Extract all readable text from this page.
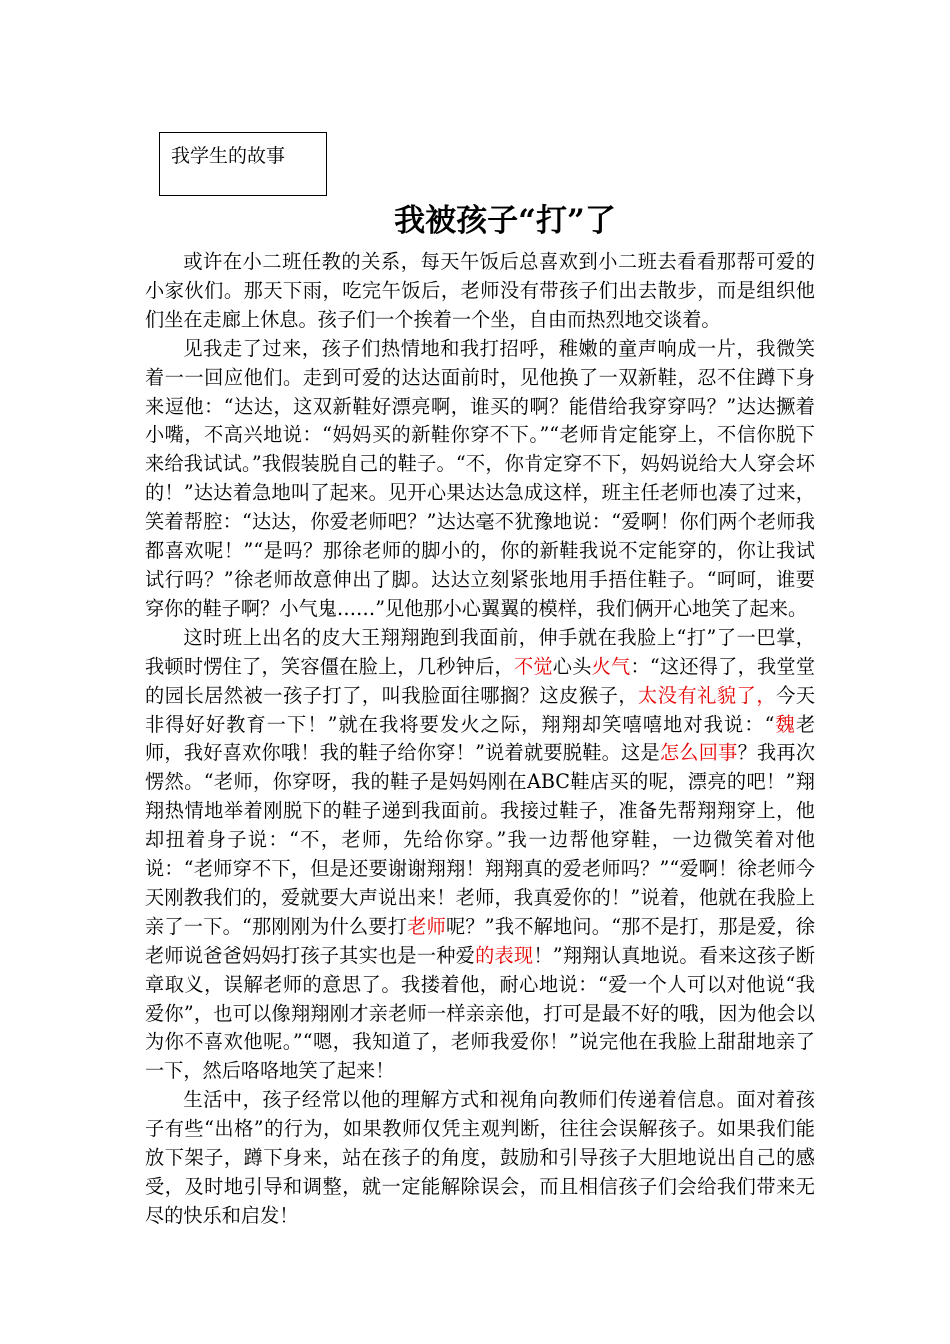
我学生的故事
我被孩子“打”了

或许在小二班任教的关系，每天午饭后总喜欢到小二班去看看那帮可爱的小家伙们。那天下雨，吃完午饭后，老师没有带孩子们出去散步，而是组织他们坐在走廊上休息。孩子们一个挨着一个坐，自由而热烈地交谈着。

见我走了过来，孩子们热情地和我打招呼，稚嫩的童声响成一片，我微笑着一一回应他们。走到可爱的达达面前时，见他换了一双新鞋，忍不住蹲下身来逗他：“达达，这双新鞋好漂亮啊，谁买的啊？能借给我穿穿吗？”达达撅着小嘴，不高兴地说：“妈妈买的新鞋你穿不下。”“老师肯定能穿上，不信你脱下来给我试试。”我假装脱自己的鞋子。“不，你肯定穿不下，妈妈说给大人穿会坏的！”达达着急地叫了起来。见开心果达达急成这样，班主任老师也凑了过来，笑着帮腔：“达达，你爱老师吧？”达达毫不犹豫地说：“爱啊！你们两个老师我都喜欢呢！”“是吗？那徐老师的脚小的，你的新鞋我说不定能穿的，你让我试试行吗？”徐老师故意伸出了脚。达达立刻紧张地用手捂住鞋子。“呵呵，谁要穿你的鞋子啊？小气鬼……”见他那小心翼翼的模样，我们俩开心地笑了起来。

这时班上出名的皮大王翔翔跑到我面前，伸手就在我脸上“打”了一巴掌，我顿时愣住了，笑容僵在脸上，几秒钟后，不觉心头火气：“这还得了，我堂堂的园长居然被一孩子打了，叫我脸面往哪搁？这皮猴子，太没有礼貌了，今天非得好好教育一下！”就在我将要发火之际，翔翔却笑嘻嘻地对我说：“魏老师，我好喜欢你哦！我的鞋子给你穿！”说着就要脱鞋。这是怎么回事？我再次愣然。“老师，你穿呀，我的鞋子是妈妈刚在ABC鞋店买的呢，漂亮的吧！”翔翔热情地举着刚脱下的鞋子递到我面前。我接过鞋子，准备先帮翔翔穿上，他却扭着身子说：“不，老师，先给你穿。”我一边帮他穿鞋，一边微笑着对他说：“老师穿不下，但是还要谢谢翔翔！翔翔真的爱老师吗？”“爱啊！徐老师今天刚教我们的，爱就要大声说出来！老师，我真爱你的！”说着，他就在我脸上亲了一下。“那刚刚为什么要打老师呢？”我不解地问。“那不是打，那是爱，徐老师说爸爸妈妈打孩子其实也是一种爱的表现！”翔翔认真地说。看来这孩子断章取义，误解老师的意思了。我搂着他，耐心地说：“爱一个人可以对他说“我爱你”，也可以像翔翔刚才亲老师一样亲亲他，打可是最不好的哦，因为他会以为你不喜欢他呢。”“嗯，我知道了，老师我爱你！”说完他在我脸上甜甜地亲了一下，然后咯咯地笑了起来！

生活中，孩子经常以他的理解方式和视角向教师们传递着信息。面对着孩子有些“出格”的行为，如果教师仅凭主观判断，往往会误解孩子。如果我们能放下架子，蹲下身来，站在孩子的角度，鼓励和引导孩子大胆地说出自己的感受，及时地引导和调整，就一定能解除误会，而且相信孩子们会给我们带来无尽的快乐和启发！
